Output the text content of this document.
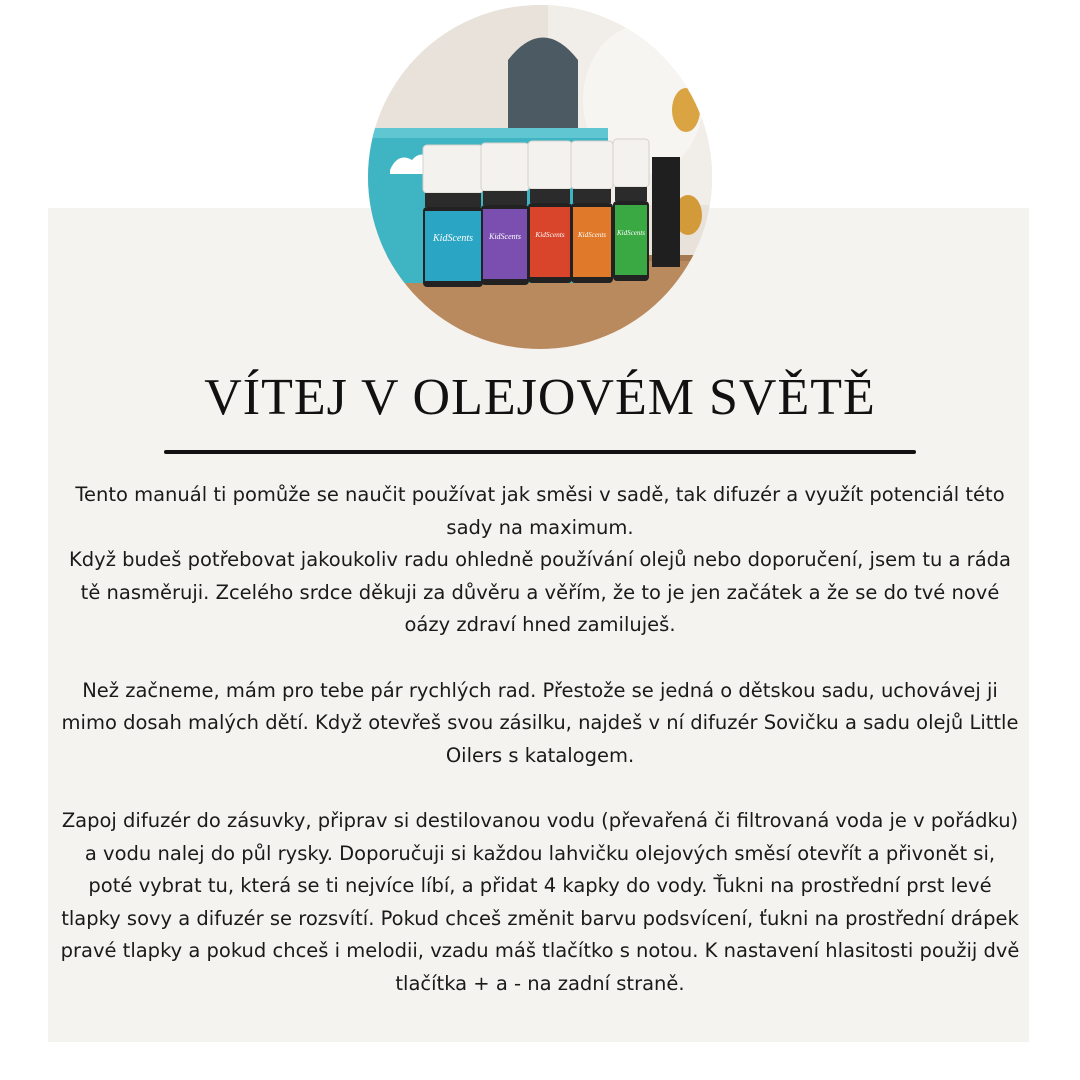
KidScents KidScents KidScents KidScents KidScents
VÍTEJ V OLEJOVÉM SVĚTĚ

Tento manuál ti pomůže se naučit používat jak směsi v sadě, tak difuzér a využít potenciál této sady na maximum.

Když budeš potřebovat jakoukoliv radu ohledně používání olejů nebo doporučení, jsem tu a ráda tě nasměruji. Zcelého srdce děkuji za důvěru a věřím, že to je jen začátek a že se do tvé nové oázy zdraví hned zamiluješ.

Než začneme, mám pro tebe pár rychlých rad. Přestože se jedná o dětskou sadu, uchovávej ji mimo dosah malých dětí. Když otevřeš svou zásilku, najdeš v ní difuzér Sovičku a sadu olejů Little Oilers s katalogem.

Zapoj difuzér do zásuvky, připrav si destilovanou vodu (převařená či filtrovaná voda je v pořádku) a vodu nalej do půl rysky. Doporučuji si každou lahvičku olejových směsí otevřít a přivonět si, poté vybrat tu, která se ti nejvíce líbí, a přidat 4 kapky do vody. Ťukni na prostřední prst levé tlapky sovy a difuzér se rozsvítí. Pokud chceš změnit barvu podsvícení, ťukni na prostřední drápek pravé tlapky a pokud chceš i melodii, vzadu máš tlačítko s notou. K nastavení hlasitosti použij dvě tlačítka + a - na zadní straně.
